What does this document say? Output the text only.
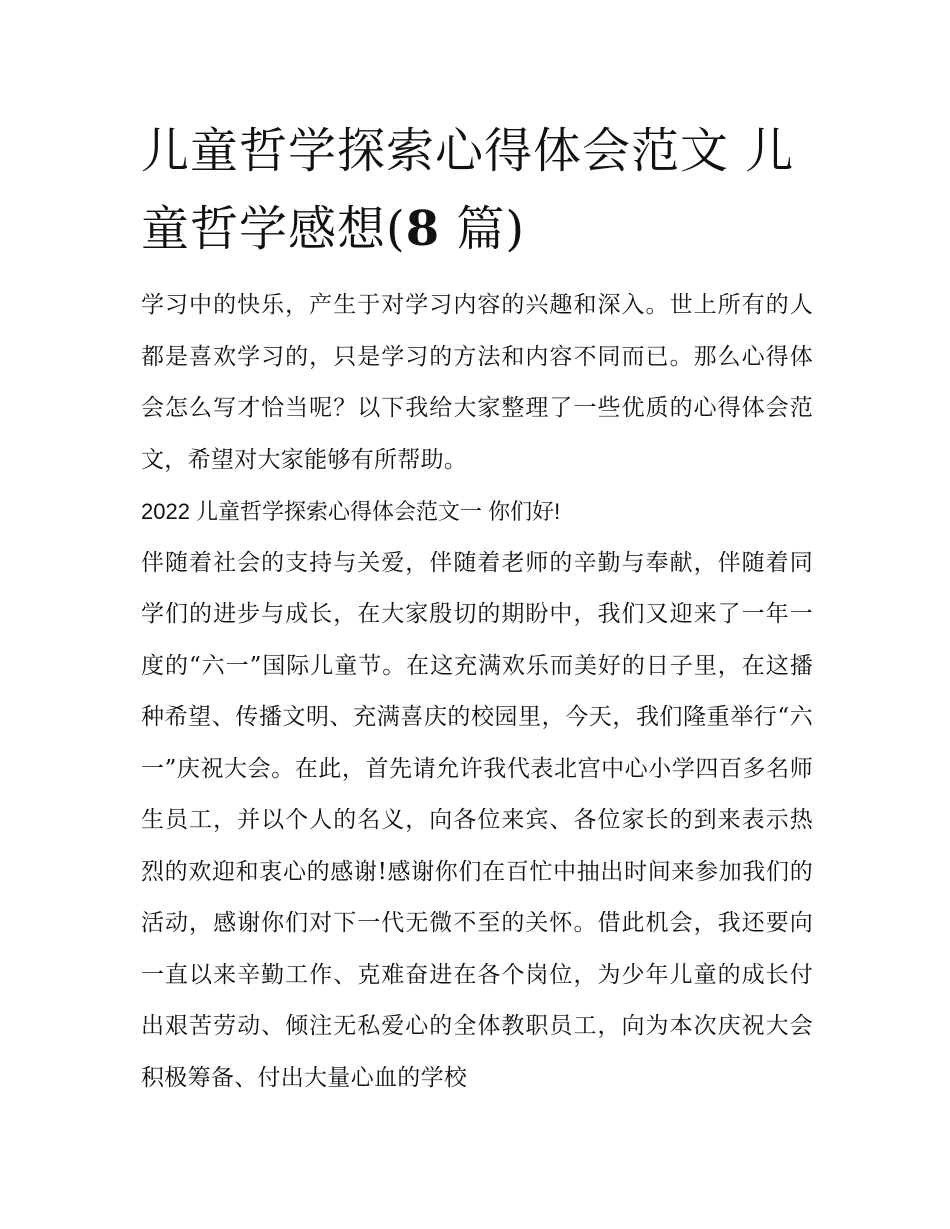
儿童哲学探索心得体会范文 儿童哲学感想(8 篇)

学习中的快乐，产生于对学习内容的兴趣和深入。世上所有的人都是喜欢学习的，只是学习的方法和内容不同而已。那么心得体会怎么写才恰当呢？以下我给大家整理了一些优质的心得体会范文，希望对大家能够有所帮助。

2022 儿童哲学探索心得体会范文一 你们好!

伴随着社会的支持与关爱，伴随着老师的辛勤与奉献，伴随着同学们的进步与成长，在大家殷切的期盼中，我们又迎来了一年一度的“六一”国际儿童节。在这充满欢乐而美好的日子里，在这播种希望、传播文明、充满喜庆的校园里，今天，我们隆重举行“六一”庆祝大会。在此，首先请允许我代表北宫中心小学四百多名师生员工，并以个人的名义，向各位来宾、各位家长的到来表示热烈的欢迎和衷心的感谢!感谢你们在百忙中抽出时间来参加我们的活动，感谢你们对下一代无微不至的关怀。借此机会，我还要向一直以来辛勤工作、克难奋进在各个岗位，为少年儿童的成长付出艰苦劳动、倾注无私爱心的全体教职员工，向为本次庆祝大会积极筹备、付出大量心血的学校
